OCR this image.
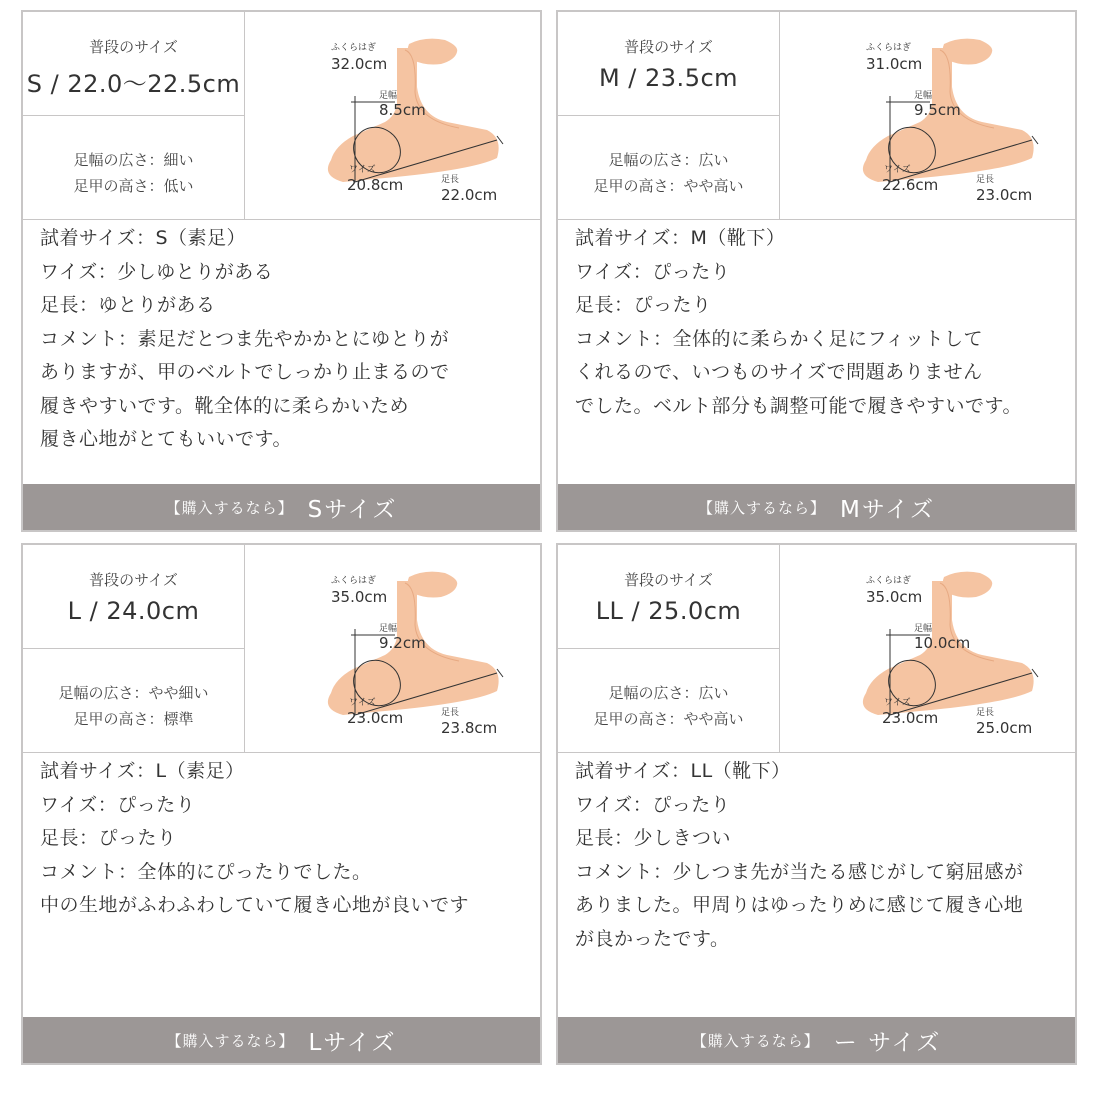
普段のサイズ
S / 22.0〜22.5cm
足幅の広さ：細い
足甲の高さ：低い
ふくらはぎ
32.0cm
足幅
8.5cm
ワイズ
20.8cm	足長
22.0cm
試着サイズ：S（素足）
ワイズ：少しゆとりがある
足長：ゆとりがある
コメント：素足だとつま先やかかとにゆとりが
ありますが、甲のベルトでしっかり止まるので
履きやすいです。靴全体的に柔らかいため
履き心地がとてもいいです。
【購入するなら】 Sサイズ
普段のサイズ
M / 23.5cm
足幅の広さ：広い
足甲の高さ：やや高い
ふくらはぎ
31.0cm
足幅
9.5cm
ワイズ
22.6cm	足長
23.0cm
試着サイズ：M（靴下）
ワイズ：ぴったり
足長：ぴったり
コメント：全体的に柔らかく足にフィットして
くれるので、いつものサイズで問題ありません
でした。ベルト部分も調整可能で履きやすいです。
【購入するなら】 Mサイズ
普段のサイズ
L / 24.0cm
足幅の広さ：やや細い
足甲の高さ：標準
ふくらはぎ
35.0cm
足幅
9.2cm
ワイズ
23.0cm	足長
23.8cm
試着サイズ：L（素足）
ワイズ：ぴったり
足長：ぴったり
コメント：全体的にぴったりでした。
中の生地がふわふわしていて履き心地が良いです
【購入するなら】 Lサイズ
普段のサイズ
LL / 25.0cm
足幅の広さ：広い
足甲の高さ：やや高い
ふくらはぎ
35.0cm
足幅
10.0cm
ワイズ
23.0cm	足長
25.0cm
試着サイズ：LL（靴下）
ワイズ：ぴったり
足長：少しきつい
コメント：少しつま先が当たる感じがして窮屈感が
ありました。甲周りはゆったりめに感じて履き心地
が良かったです。
【購入するなら】 ー サイズ
